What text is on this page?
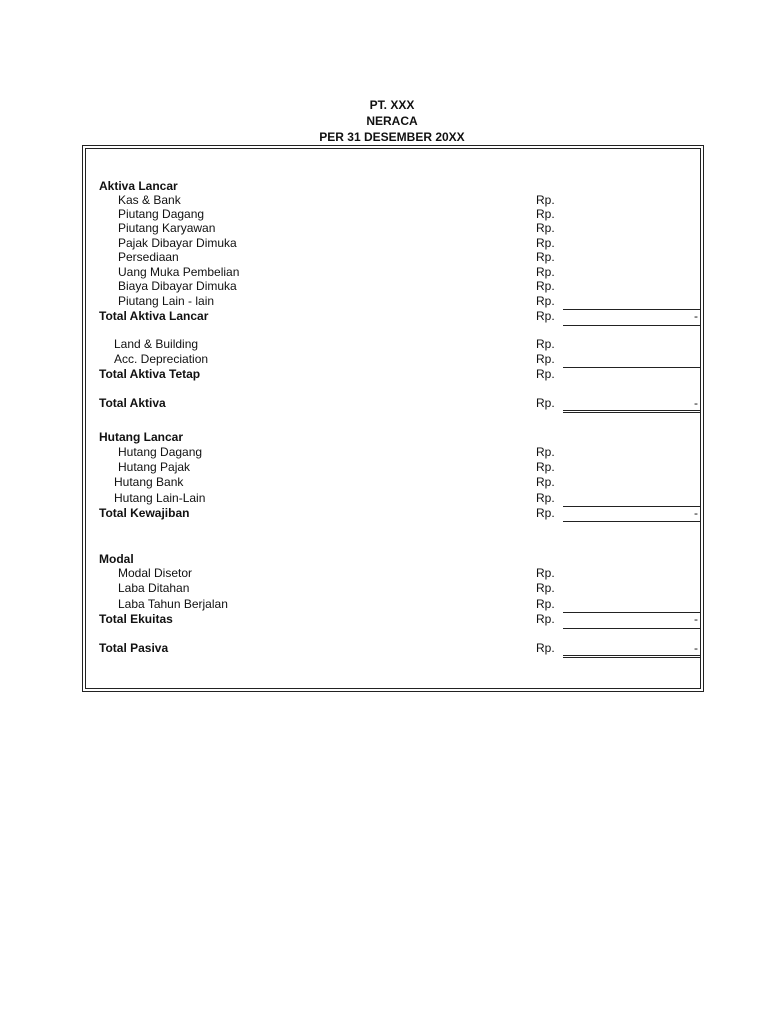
PT. XXX
NERACA
PER 31 DESEMBER 20XX
Aktiva Lancar
Kas & Bank	Rp.
Piutang Dagang	Rp.
Piutang Karyawan	Rp.
Pajak Dibayar Dimuka	Rp.
Persediaan	Rp.
Uang Muka Pembelian	Rp.
Biaya Dibayar Dimuka	Rp.
Piutang Lain - lain	Rp.
Total Aktiva Lancar	Rp.	-
Land & Building	Rp.
Acc. Depreciation	Rp.
Total Aktiva Tetap	Rp.
Total Aktiva	Rp.	-
Hutang Lancar
Hutang Dagang	Rp.
Hutang Pajak	Rp.
Hutang Bank	Rp.
Hutang Lain-Lain	Rp.
Total Kewajiban	Rp.	-
Modal
Modal Disetor	Rp.
Laba Ditahan	Rp.
Laba Tahun Berjalan	Rp.
Total Ekuitas	Rp.	-
Total Pasiva	Rp.	-
